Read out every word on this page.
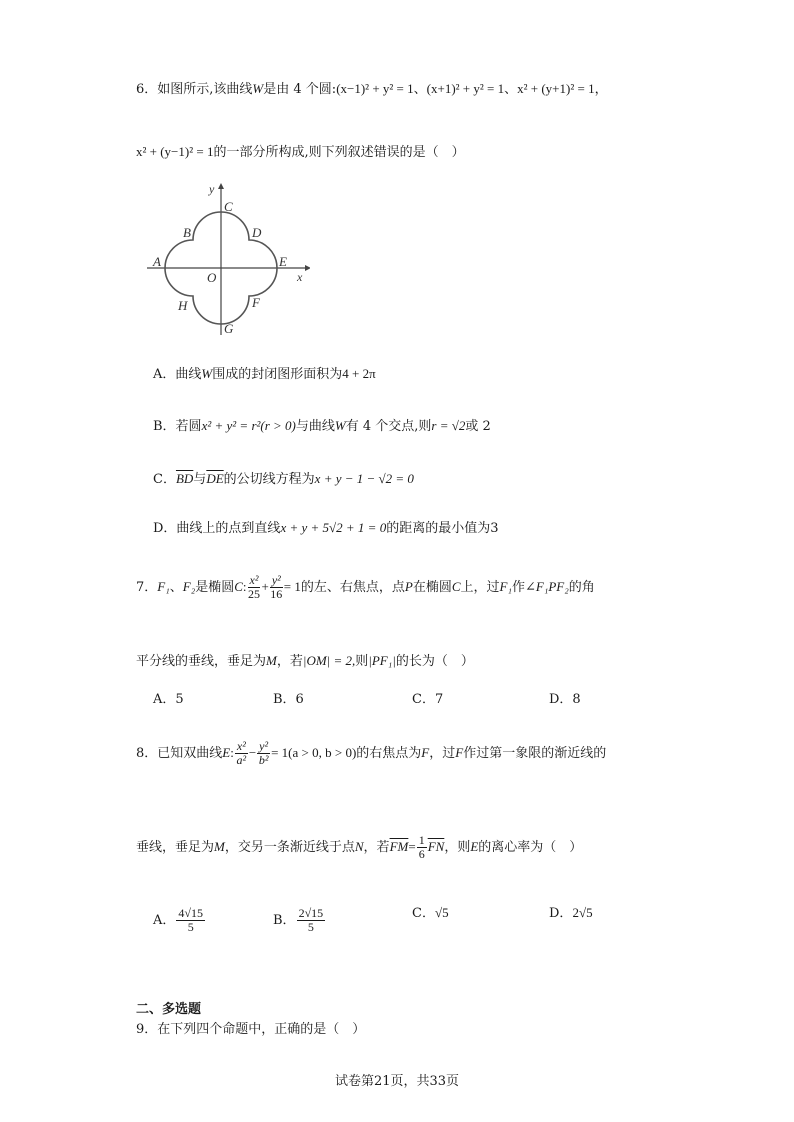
6．如图所示,该曲线W是由 4 个圆:(x−1)² + y² = 1、(x+1)² + y² = 1、x² + (y+1)² = 1，
x² + (y−1)² = 1的一部分所构成,则下列叙述错误的是（　）
y
x
C
B	D
A	E
O
H	F
G
A．曲线W围成的封闭图形面积为4 + 2π
B．若圆x² + y² = r²(r > 0)与曲线W有 4 个交点,则r = √2或 2
C．$\overline{BD}$与$\overline{DE}$的公切线方程为x + y − 1 − √2 = 0
D．曲线上的点到直线x + y + 5√2 + 1 = 0的距离的最小值为3
7．F₁、F₂是椭圆C: $\frac{\text{x²}}{25} + \frac{\text{y²}}{16} = 1$的左、右焦点，点P在椭圆C上，过F₁作∠F₁PF₂的角
平分线的垂线，垂足为M，若|OM| = 2,则|PF₁|的长为（　）
A．5	B．6	C．7	D．8
8．已知双曲线E: $\frac{\text{x²}}{\text{a²}} - \frac{\text{y²}}{\text{b²}} = 1(a > 0$, b > 0)的右焦点为F，过F作过第一象限的渐近线的
垂线，垂足为M，交另一条渐近线于点N，若$\overline{FM}= \frac{1}{6} \overline{FN}$，则E的离心率为（　）
A． $\frac{4√15}{5}$	B． $\frac{2√15}{5}$	C．√5	D．2√5
二、多选题
9．在下列四个命题中，正确的是（　）
试卷第21页，共33页
